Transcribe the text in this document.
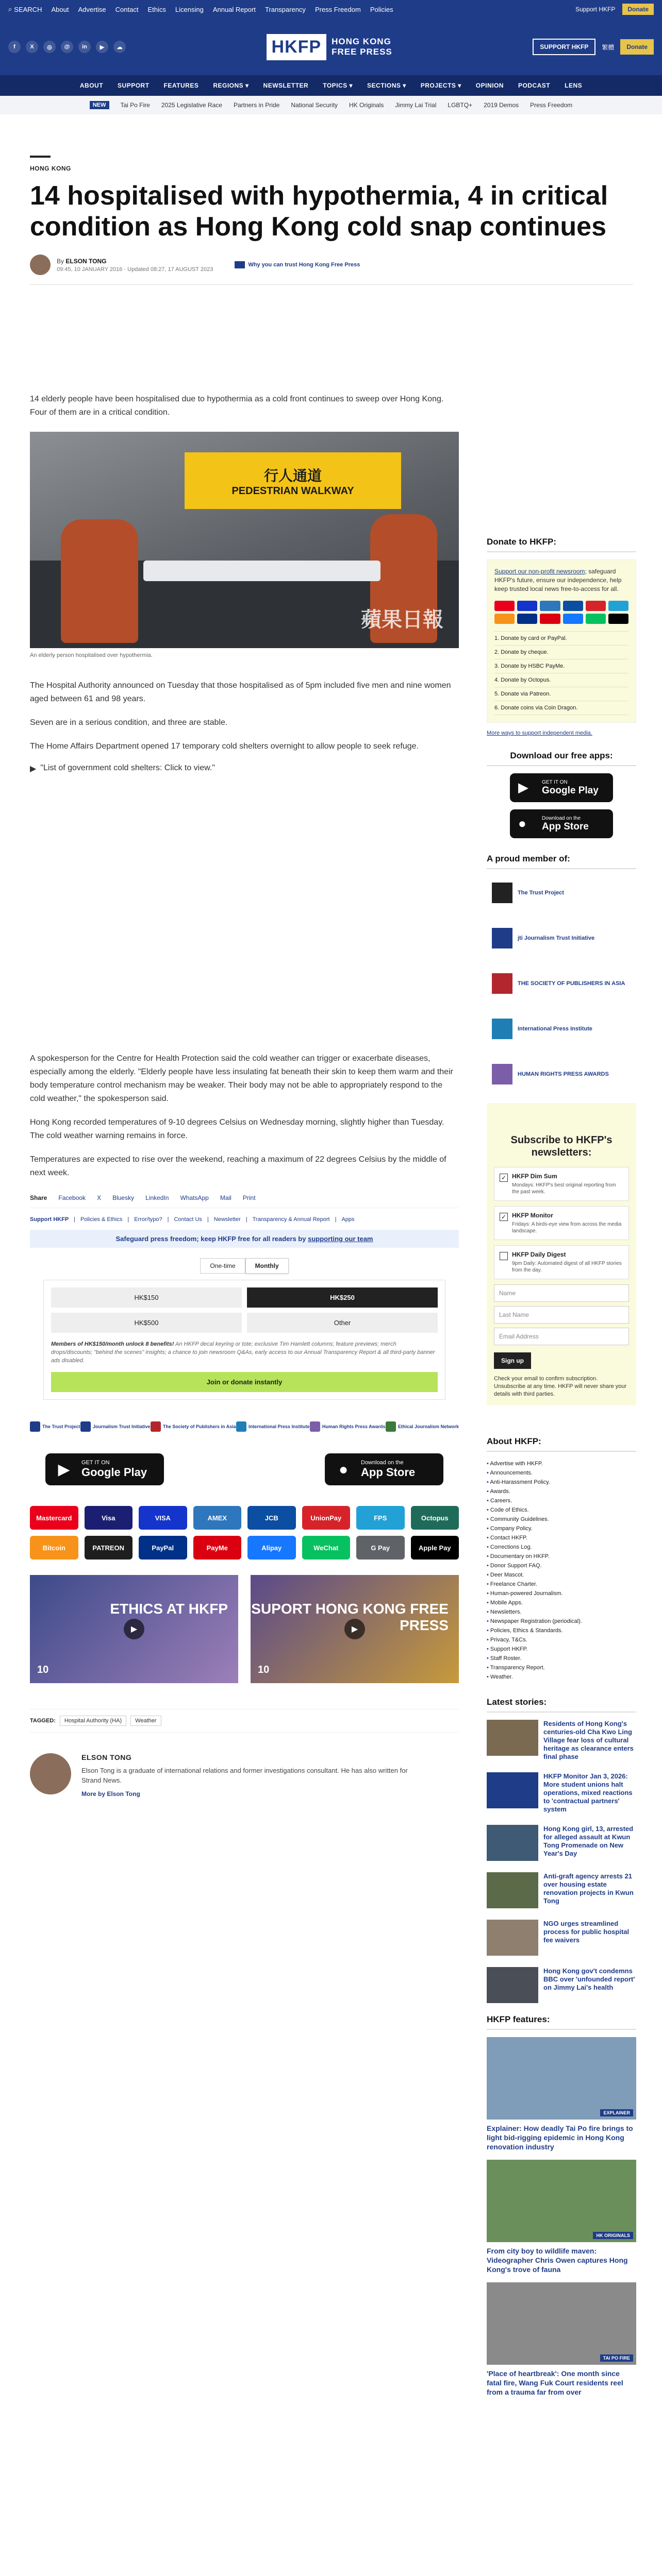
⌕ SEARCH About Advertise Contact Ethics Licensing Annual Report Transparency Press Freedom Policies	Support HKFP	Donate
f	X	◎	@	in	▶	☁	HKFP	HONG KONG
FREE PRESS	SUPPORT HKFP	繁體	Donate
ABOUT SUPPORT FEATURES REGIONS ▾ NEWSLETTER TOPICS ▾ SECTIONS ▾ PROJECTS ▾ OPINION PODCAST LENS
NEW	Tai Po Fire 2025 Legislative Race Partners in Pride National Security HK Originals Jimmy Lai Trial LGBTQ+ 2019 Demos Press Freedom
HONG KONG
14 hospitalised with hypothermia, 4 in critical condition as Hong Kong cold snap continues
By ELSON TONG
09:45, 10 JANUARY 2016 · Updated 08:27, 17 AUGUST 2023
Why you can trust Hong Kong Free Press

14 elderly people have been hospitalised due to hypothermia as a cold front continues to sweep over Hong Kong. Four of them are in a critical condition.

行人通道
PEDESTRIAN WALKWAY
蘋果日報
An elderly person hospitalised over hypothermia.

The Hospital Authority announced on Tuesday that those hospitalised as of 5pm included five men and nine women aged between 61 and 98 years.

Seven are in a serious condition, and three are stable.

The Home Affairs Department opened 17 temporary cold shelters overnight to allow people to seek refuge.

▶ "List of government cold shelters: Click to view."

A spokesperson for the Centre for Health Protection said the cold weather can trigger or exacerbate diseases, especially among the elderly. "Elderly people have less insulating fat beneath their skin to keep them warm and their body temperature control mechanism may be weaker. Their body may not be able to appropriately respond to the cold weather," the spokesperson said.

Hong Kong recorded temperatures of 9-10 degrees Celsius on Wednesday morning, slightly higher than Tuesday. The cold weather warning remains in force.

Temperatures are expected to rise over the weekend, reaching a maximum of 22 degrees Celsius by the middle of next week.

Share Facebook X Bluesky LinkedIn WhatsApp Mail Print
Support HKFP | Policies & Ethics | Error/typo? | Contact Us | Newsletter | Transparency & Annual Report | Apps
Safeguard press freedom; keep HKFP free for all readers by supporting our team
One-time	Monthly
HK$150	HK$250
HK$500	Other

Members of HK$150/month unlock 8 benefits! An HKFP decal keyring or tote; exclusive Tim Hamlett columns; feature previews; merch drops/discounts; "behind the scenes" insights; a chance to join newsroom Q&As, early access to our Annual Transparency Report & all third-party banner ads disabled.

Join or donate instantly
The Trust Project	Journalism Trust Initiative	The Society of Publishers in Asia	International Press Institute	Human Rights Press Awards	Ethical Journalism Network
▶	GET IT ON
Google Play	●	Download on the
App Store
Mastercard	Visa	VISA	AMEX	JCB	UnionPay	FPS	Octopus
Bitcoin	PATREON	PayPal	PayMe	Alipay	WeChat	G Pay	Apple Pay
ETHICS AT HKFP
▶
10
SUPORT HONG KONG FREE PRESS
▶
10
TAGGED:	Hospital Authority (HA)	Weather
ELSON TONG
Elson Tong is a graduate of international relations and former investigations consultant. He has also written for Strand News.
More by Elson Tong
Donate to HKFP:

Support our non-profit newsroom; safeguard HKFP's future, ensure our independence, help keep trusted local news free-to-access for all.

1. Donate by card or PayPal.
2. Donate by cheque.
3. Donate by HSBC PayMe.
4. Donate by Octopus.
5. Donate via Patreon.
6. Donate coins via Coin Dragon.
More ways to support independent media.
Download our free apps:
▶	GET IT ON
Google Play
●	Download on the
App Store
A proud member of:
The Trust Project
jti Journalism Trust Initiative
THE SOCIETY OF PUBLISHERS IN ASIA
International Press Institute
HUMAN RIGHTS PRESS AWARDS
Subscribe to HKFP's newsletters:
✓ HKFP Dim Sum
Mondays: HKFP's best original reporting from the past week.
✓ HKFP Monitor
Fridays: A birds-eye view from across the media landscape.
HKFP Daily Digest
9pm Daily: Automated digest of all HKFP stories from the day.
Name
Last Name
Email Address
Sign up

Check your email to confirm subscription. Unsubscribe at any time. HKFP will never share your details with third parties.

About HKFP:
• Advertise with HKFP.
• Announcements.
• Anti-Harassment Policy.
• Awards.
• Careers.
• Code of Ethics.
• Community Guidelines.
• Company Policy.
• Contact HKFP.
• Corrections Log.
• Documentary on HKFP.
• Donor Support FAQ.
• Deer Mascot.
• Freelance Charter.
• Human-powered Journalism.
• Mobile Apps.
• Newsletters.
• Newspaper Registration (periodical).
• Policies, Ethics & Standards.
• Privacy, T&Cs.
• Support HKFP.
• Staff Roster.
• Transparency Report.
• Weather.
Latest stories:
Residents of Hong Kong's centuries-old Cha Kwo Ling Village fear loss of cultural heritage as clearance enters final phase
HKFP Monitor Jan 3, 2026: More student unions halt operations, mixed reactions to 'contractual partners' system
Hong Kong girl, 13, arrested for alleged assault at Kwun Tong Promenade on New Year's Day
Anti-graft agency arrests 21 over housing estate renovation projects in Kwun Tong
NGO urges streamlined process for public hospital fee waivers
Hong Kong gov't condemns BBC over 'unfounded report' on Jimmy Lai's health
HKFP features:
EXPLAINER
Explainer: How deadly Tai Po fire brings to light bid-rigging epidemic in Hong Kong renovation industry
HK ORIGINALS
From city boy to wildlife maven: Videographer Chris Owen captures Hong Kong's trove of fauna
TAI PO FIRE
'Place of heartbreak': One month since fatal fire, Wang Fuk Court residents reel from a trauma far from over
